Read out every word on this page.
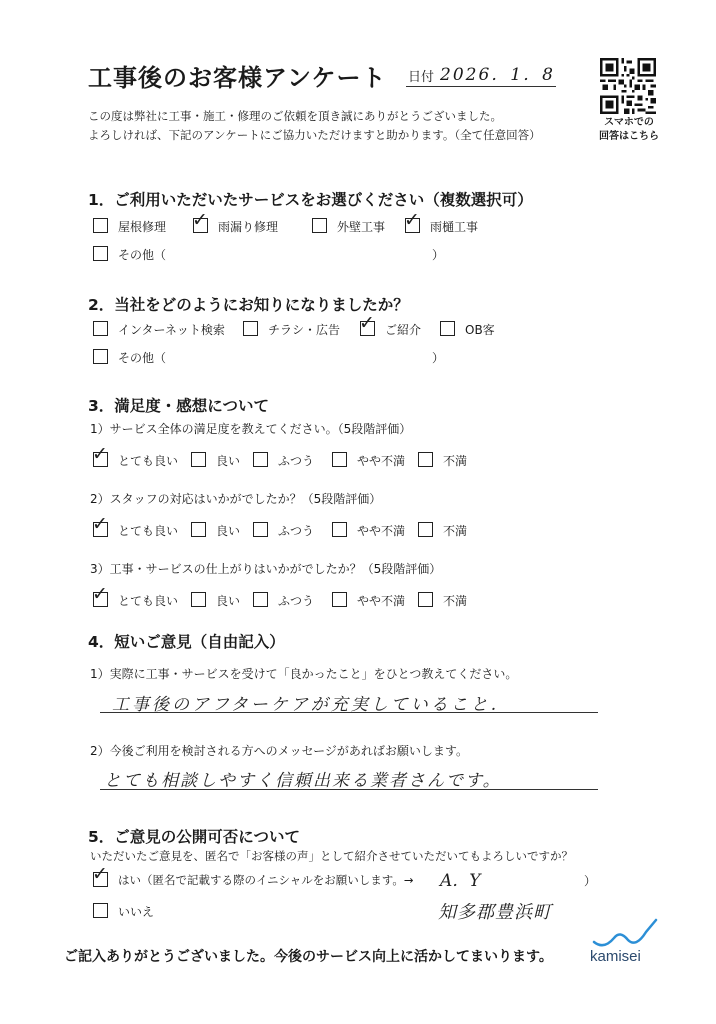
工事後のお客様アンケート 日付 2026．1．8
スマホでの
回答はこちら
この度は弊社に工事・施工・修理のご依頼を頂き誠にありがとうございました。
よろしければ、下記のアンケートにご協力いただけますと助かります。（全て任意回答）
1．ご利用いただいたサービスをお選びください（複数選択可）
その他（	）
2．当社をどのようにお知りになりましたか？
その他（	）
3．満足度・感想について
4．短いご意見（自由記入）
1）実際に工事・サービスを受けて「良かったこと」をひとつ教えてください。
工事後のアフターケアが充実していること.
2）今後ご利用を検討される方へのメッセージがあればお願いします。
とても相談しやすく信頼出来る業者さんです。
5．ご意見の公開可否について
いただいたご意見を、匿名で「お客様の声」として紹介させていただいてもよろしいですか？
✓ はい（匿名で記載する際のイニシャルをお願いします。→ A．Y	）
いいえ	知多郡豊浜町
ご記入ありがとうございました。今後のサービス向上に活かしてまいります。 kamisei
屋根修理 ✓ 雨漏り修理	外壁工事 ✓ 雨樋工事
インターネット検索	チラシ・広告 ✓ ご紹介	OB客
1）サービス全体の満足度を教えてください。（5段階評価）
✓ とても良い	良い	ふつう	やや不満	不満
2）スタッフの対応はいかがでしたか？（5段階評価）
✓ とても良い	良い	ふつう	やや不満	不満
3）工事・サービスの仕上がりはいかがでしたか？（5段階評価）
✓ とても良い	良い	ふつう	やや不満	不満
